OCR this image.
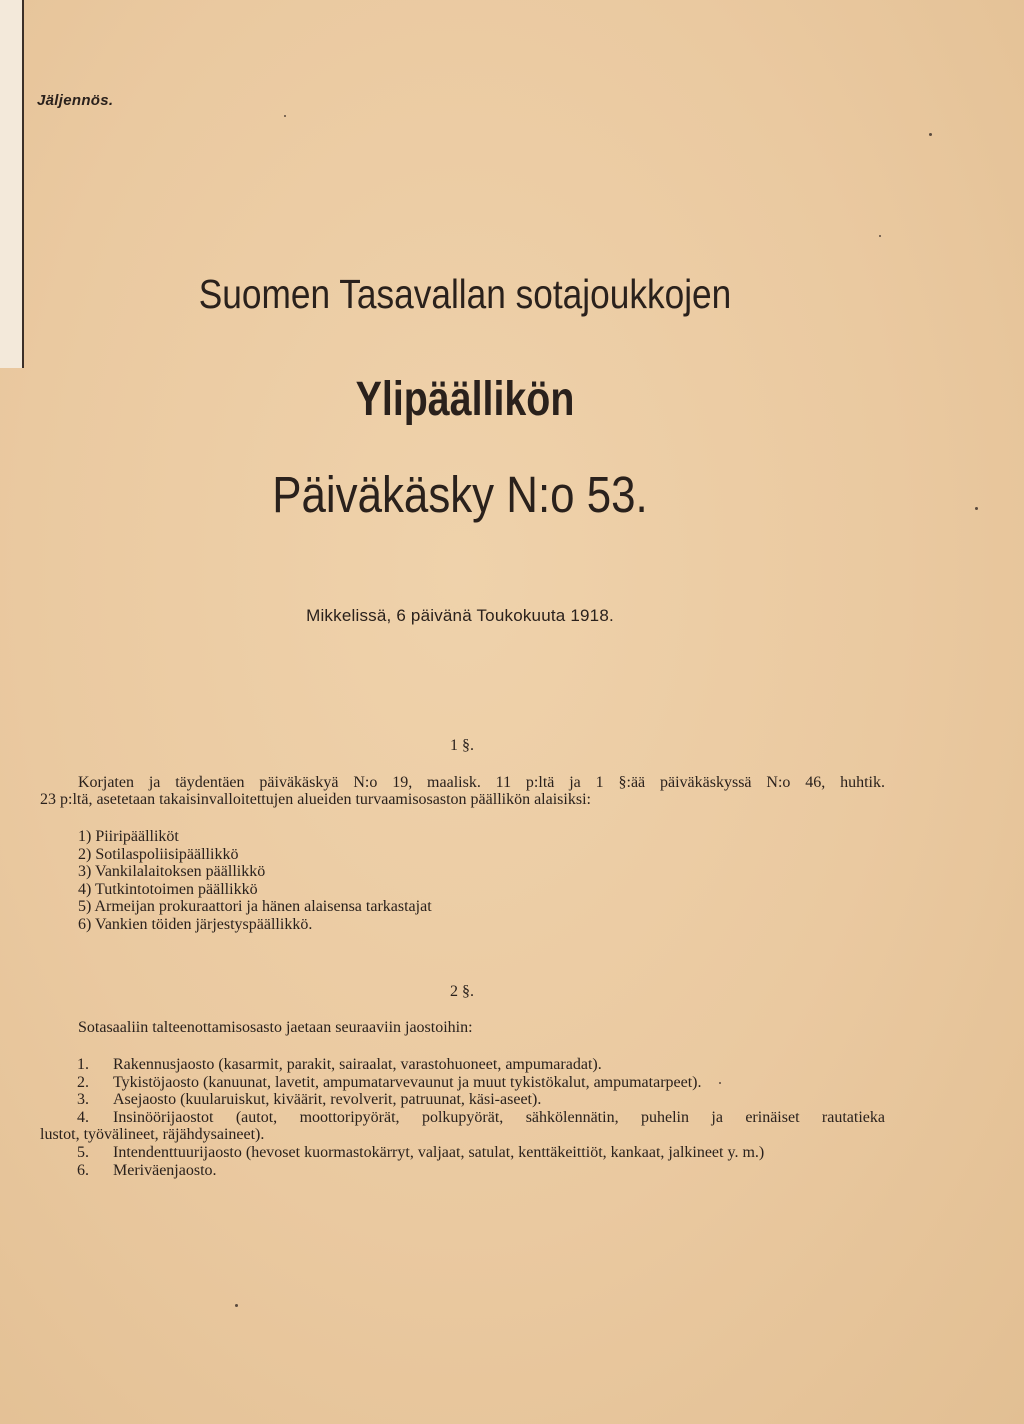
Jäljennös.
Suomen Tasavallan sotajoukkojen
Ylipäällikön
Päiväkäsky N:o 53.
Mikkelissä, 6 päivänä Toukokuuta 1918.
1 §.
Korjaten ja täydentäen päiväkäskyä N:o 19, maalisk. 11 p:ltä ja 1 §:ää päiväkäskyssä N:o 46, huhtik.
23 p:ltä, asetetaan takaisinvalloitettujen alueiden turvaamisosaston päällikön alaisiksi:
1) Piiripäälliköt
2) Sotilaspoliisipäällikkö
3) Vankilalaitoksen päällikkö
4) Tutkintotoimen päällikkö
5) Armeijan prokuraattori ja hänen alaisensa tarkastajat
6) Vankien töiden järjestyspäällikkö.
2 §.
Sotasaaliin talteenottamisosasto jaetaan seuraaviin jaostoihin:
1. Rakennusjaosto (kasarmit, parakit, sairaalat, varastohuoneet, ampumaradat).
2. Tykistöjaosto (kanuunat, lavetit, ampumatarvevaunut ja muut tykistökalut, ampumatarpeet).
3. Asejaosto (kuularuiskut, kiväärit, revolverit, patruunat, käsi-aseet).
4. Insinöörijaostot (autot, moottoripyörät, polkupyörät, sähkölennätin, puhelin ja erinäiset rautatieka
lustot, työvälineet, räjähdysaineet).
5. Intendenttuurijaosto (hevoset kuormastokärryt, valjaat, satulat, kenttäkeittiöt, kankaat, jalkineet y. m.)
6. Meriväenjaosto.
